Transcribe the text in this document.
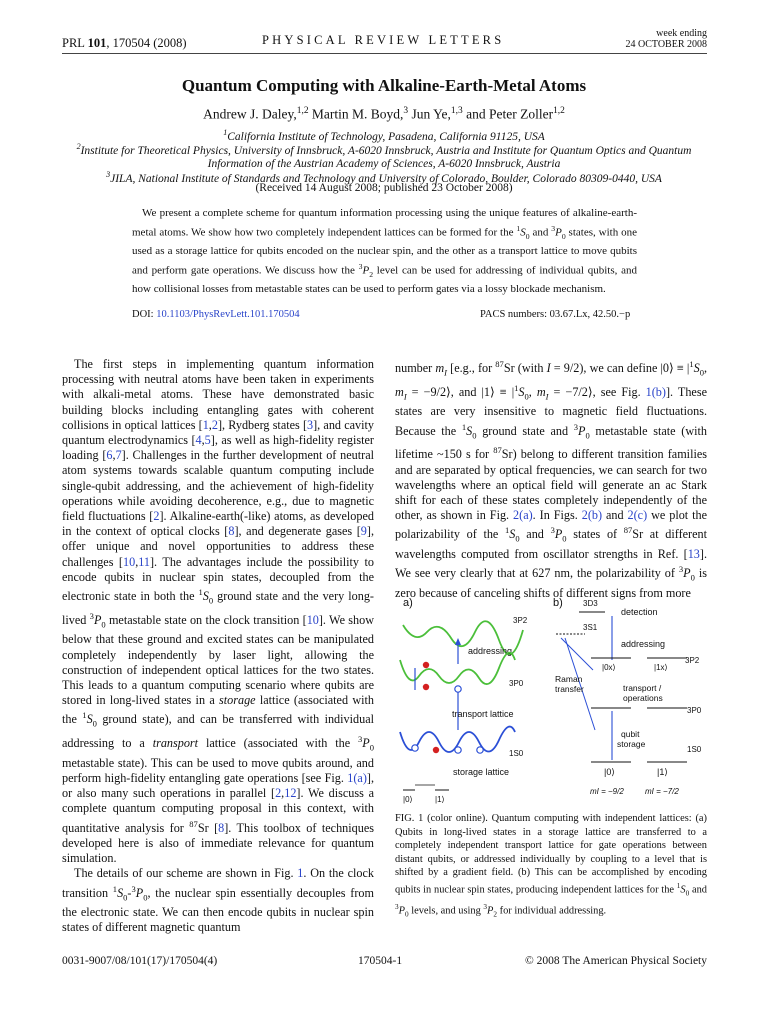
PRL 101, 170504 (2008)	PHYSICAL REVIEW LETTERS	week ending
24 OCTOBER 2008
Quantum Computing with Alkaline-Earth-Metal Atoms
Andrew J. Daley,$^{1,2}$ Martin M. Boyd,$^3$ Jun Ye,$^{1,3}$ and Peter Zoller$^{1,2}$
$^1$California Institute of Technology, Pasadena, California 91125, USA
$^2$Institute for Theoretical Physics, University of Innsbruck, A-6020 Innsbruck, Austria and Institute for Quantum Optics and Quantum Information of the Austrian Academy of Sciences, A-6020 Innsbruck, Austria
$^3$JILA, National Institute of Standards and Technology and University of Colorado, Boulder, Colorado 80309-0440, USA
(Received 14 August 2008; published 23 October 2008)
We present a complete scheme for quantum information processing using the unique features of alkaline-earth-metal atoms. We show how two completely independent lattices can be formed for the $^1S_0$ and $^3P_0$ states, with one used as a storage lattice for qubits encoded on the nuclear spin, and the other as a transport lattice to move qubits and perform gate operations. We discuss how the $^3P_2$ level can be used for addressing of individual qubits, and how collisional losses from metastable states can be used to perform gates via a lossy blockade mechanism.
DOI: 10.1103/PhysRevLett.101.170504	PACS numbers: 03.67.Lx, 42.50.−p

The first steps in implementing quantum information processing with neutral atoms have been taken in experiments with alkali-metal atoms. These have demonstrated basic building blocks including entangling gates with coherent collisions in optical lattices [1,2], Rydberg states [3], and cavity quantum electrodynamics [4,5], as well as high-fidelity register loading [6,7]. Challenges in the further development of neutral atom systems towards scalable quantum computing include single-qubit addressing, and the achievement of high-fidelity operations while avoiding decoherence, e.g., due to magnetic field fluctuations [2]. Alkaline-earth(-like) atoms, as developed in the context of optical clocks [8], and degenerate gases [9], offer unique and novel opportunities to address these challenges [10,11]. The advantages include the possibility to encode qubits in nuclear spin states, decoupled from the electronic state in both the $^1S_0$ ground state and the very long-lived $^3P_0$ metastable state on the clock transition [10]. We show below that these ground and excited states can be manipulated completely independently by laser light, allowing the construction of independent optical lattices for the two states. This leads to a quantum computing scenario where qubits are stored in long-lived states in a storage lattice (associated with the $^1S_0$ ground state), and can be transferred with individual addressing to a transport lattice (associated with the $^3P_0$ metastable state). This can be used to move qubits around, and perform high-fidelity entangling gate operations [see Fig. 1(a)], or also many such operations in parallel [2,12]. We discuss a complete quantum computing proposal in this context, with quantitative analysis for $^{87}$Sr [8]. This toolbox of techniques developed here is also of immediate relevance for quantum simulation.

The details of our scheme are shown in Fig. 1. On the clock transition $^1S_0-^3P_0$, the nuclear spin essentially decouples from the electronic state. We can then encode qubits in nuclear spin states of different magnetic quantum

number $m_I$ [e.g., for $^{87}$Sr (with I = 9/2), we can define |0⟩ ≡ $|^1S_0$, $m_I$ = −9/2⟩, and |1⟩ ≡ $|^1S_0$, $m_I$ = −7/2⟩, see Fig. 1(b)]. These states are very insensitive to magnetic field fluctuations. Because the $^1S_0$ ground state and $^3P_0$ metastable state (with lifetime ~150 s for $^{87}$Sr) belong to different transition families and are separated by optical frequencies, we can search for two wavelengths where an optical field will generate an ac Stark shift for each of these states completely independently of the other, as shown in Fig. 2(a). In Figs. 2(b) and 2(c) we plot the polarizability of the $^1S_0$ and $^3P_0$ states of $^{87}$Sr at different wavelengths computed from oscillator strengths in Ref. [13]. We see very clearly that at 627 nm, the polarizability of $^3P_0$ is zero because of canceling shifts of different signs from more

a)
3P2
addressing
3P0
transport lattice
1S0
storage lattice
|0⟩	|1⟩
b)	3D3
detection
3S1
addressing
|0x⟩	|1x⟩
3P2
Raman
transfer	transport /
operations
3P0
qubit
storage
1S0
|0⟩	|1⟩
mI = −9/2	mI = −7/2
FIG. 1 (color online). Quantum computing with independent lattices: (a) Qubits in long-lived states in a storage lattice are transferred to a completely independent transport lattice for gate operations between distant qubits, or addressed individually by coupling to a level that is shifted by a gradient field. (b) This can be accomplished by encoding qubits in nuclear spin states, producing independent lattices for the $^1S_0$ and $^3P_0$ levels, and using $^3P_2$ for individual addressing.
0031-9007/08/101(17)/170504(4)	170504-1	© 2008 The American Physical Society
